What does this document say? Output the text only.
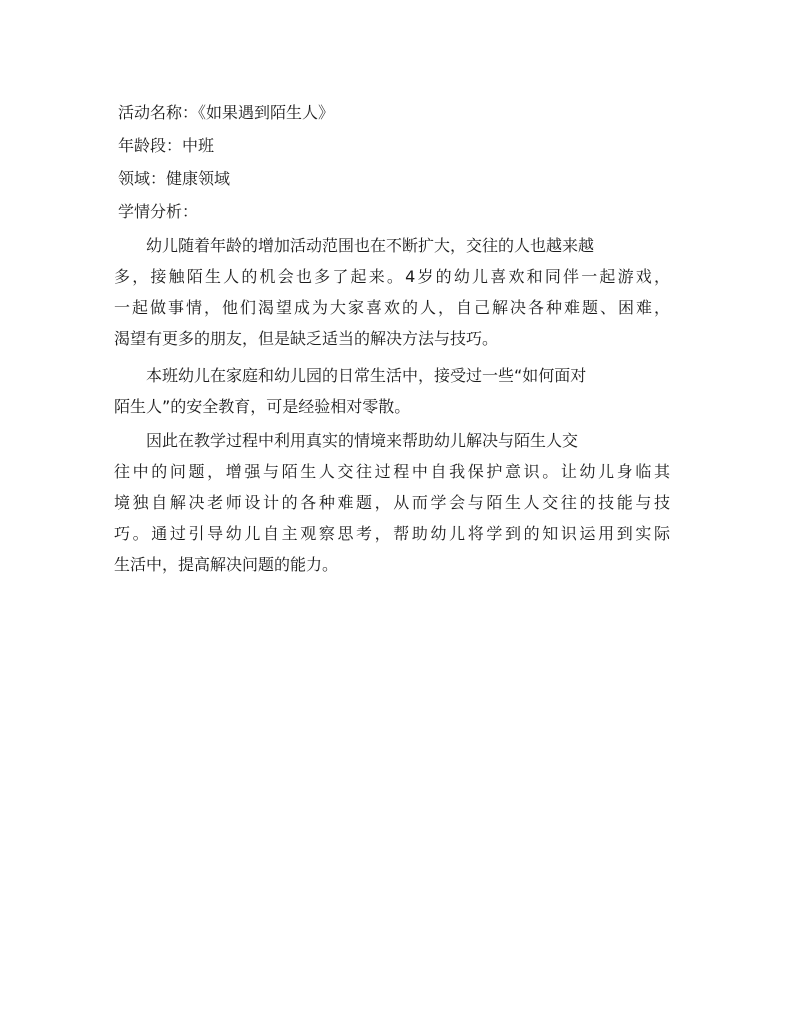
活动名称：《如果遇到陌生人》
年龄段：中班
领域：健康领域
学情分析：
幼儿随着年龄的增加活动范围也在不断扩大，交往的人也越来越
多，接触陌生人的机会也多了起来。4岁的幼儿喜欢和同伴一起游戏，
一起做事情，他们渴望成为大家喜欢的人，自己解决各种难题、困难，
渴望有更多的朋友，但是缺乏适当的解决方法与技巧。
本班幼儿在家庭和幼儿园的日常生活中，接受过一些“如何面对
陌生人”的安全教育，可是经验相对零散。
因此在教学过程中利用真实的情境来帮助幼儿解决与陌生人交
往中的问题，增强与陌生人交往过程中自我保护意识。让幼儿身临其
境独自解决老师设计的各种难题，从而学会与陌生人交往的技能与技
巧。通过引导幼儿自主观察思考，帮助幼儿将学到的知识运用到实际
生活中，提高解决问题的能力。
